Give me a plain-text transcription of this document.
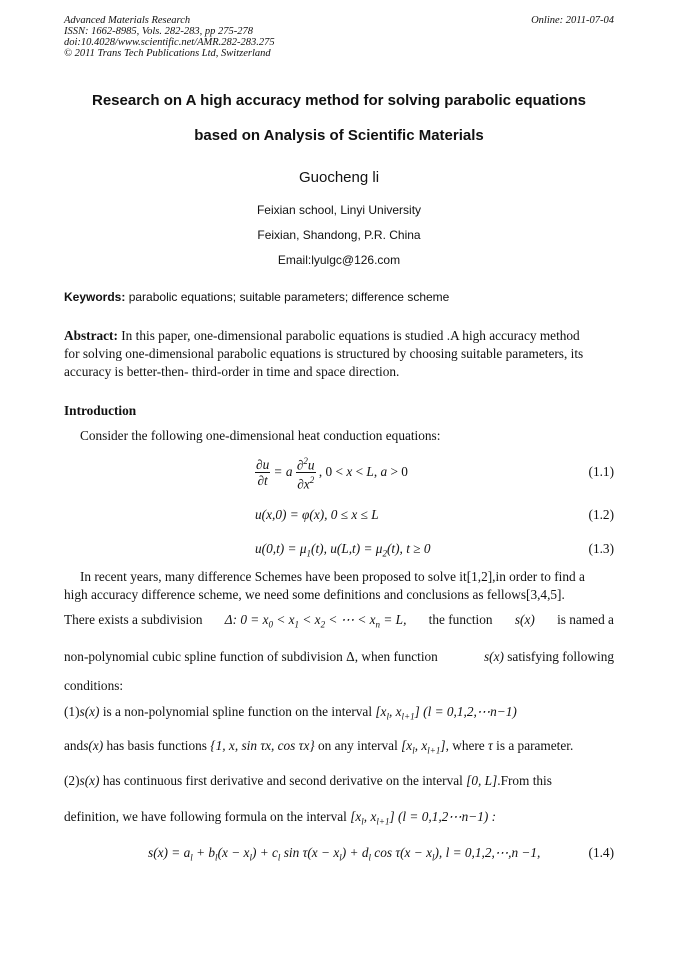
Advanced Materials Research
ISSN: 1662-8985, Vols. 282-283, pp 275-278
doi:10.4028/www.scientific.net/AMR.282-283.275
© 2011 Trans Tech Publications Ltd, Switzerland
Online: 2011-07-04
Research on A high accuracy method for solving parabolic equations
based on Analysis of Scientific Materials
Guocheng li
Feixian school, Linyi University
Feixian, Shandong, P.R. China
Email:lyulgc@126.com
Keywords: parabolic equations; suitable parameters; difference scheme
Abstract: In this paper, one-dimensional parabolic equations is studied .A high accuracy method
for solving one-dimensional parabolic equations is structured by choosing suitable parameters, its
accuracy is better-then- third-order in time and space direction.
Introduction
Consider the following one-dimensional heat conduction equations:
$\frac{\partial u}{\partial t} = a \frac{\partial^2u}{\partial x^2}$ , 0 < x < L, a > 0	(1.1)
u(x,0) = φ(x), 0 ≤ x ≤ L	(1.2)
$u(0,t) = \mu_1(t)$, $u(L,t) = \mu_2(t)$, t ≥ 0	(1.3)
In recent years, many difference Schemes have been proposed to solve it[1,2],in order to find a
high accuracy difference scheme, we need some definitions and conclusions as fellows[3,4,5].
There exists a subdivision Δ: $0 = x_0 < x_1 < x_2$ < ⋯ < $x_n = L$, the function s(x) is named a
non-polynomial cubic spline function of subdivision Δ, when function	s(x) satisfying following
conditions:
(1)s(x) is a non-polynomial spline function on the interval [$x_l$, $x_{l+1}$] (l = 0,1,2,⋯n−1)
ands(x) has basis functions {1, x, sin τx, cos τx} on any interval [$x_l$, $x_{l+1}$], where τ is a parameter.
(2)s(x) has continuous first derivative and second derivative on the interval [0, L].From this
definition, we have following formula on the interval [$x_l$, $x_{l+1}$] (l = 0,1,2⋯n−1) :
$s(x) = a_l + b_l(x - x_l) + c_l$ $\sin \tau(x - x_l) + d_l$ $\cos \tau(x - x_l)$, l = 0,1,2,⋯,n −1,	(1.4)
